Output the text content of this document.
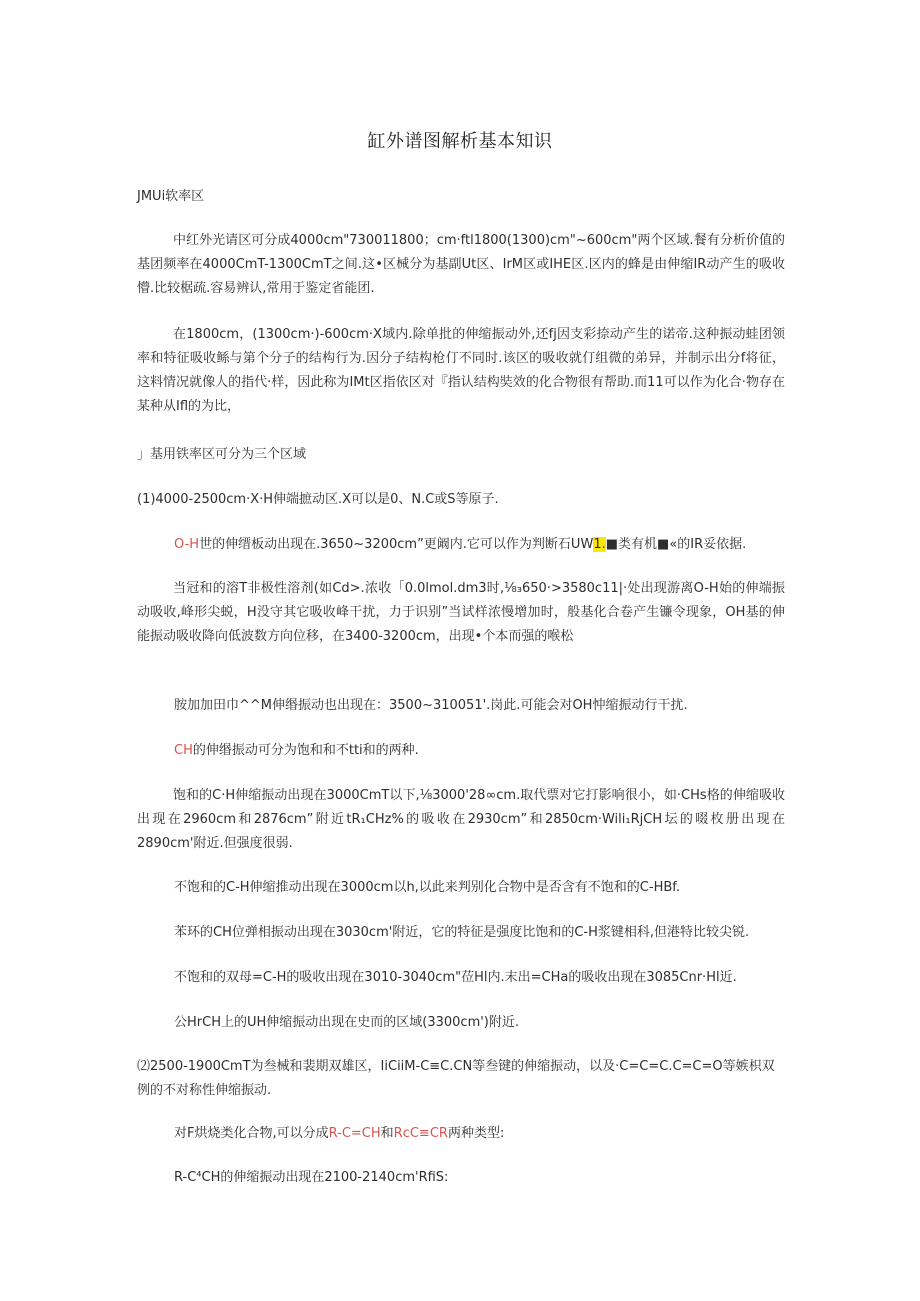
缸外谱图解析基本知识
JMUi软率区
中红外光请区可分成4000cm"730011800；cm·ftl1800(1300)cm"~600cm"两个区域.餐有分析价值的基团频率在4000CmT-1300CmT之间.这•区械分为基副Ut区、IrM区或IHE区.区内的蜂是由伸缩IR动产生的吸收懵.比较椐疏.容易辨认,常用于鉴定省能团.
在1800cm，(1300cm·)-600cm·X域内.除单批的伸缩振动外,还fj因支彩捺动产生的诺帝.这种振动蛙团领率和特征吸收鲧与第个分子的结构行为.因分子结构枪仃不同时.该区的吸收就仃组微的弟异，并制示出分f将征，这料情况就像人的指代·样，因此称为IMt区指依区对『指认结构奘效的化合物很有帮助.而11可以作为化合·物存在某种从Ifl的为比，
」基用铁率区可分为三个区域
(1)4000-2500cm·X·H伸端摭动区.X可以是0、N.C或S等原子.
O-H世的伸缙板动出现在.3650~3200cm”更阚内.它可以作为判断石UW1.■类有机■«的IR妥依据.
当冠和的溶T非极性溶剂(如Cd>.浓收「0.0lmol.dm3时,⅛₃650·>3580c11|·处出现游离O-H始的伸端振动吸收,峰形尖蜕，H没守其它吸收峰干扰，力于识别”当试样浓慢增加时，般基化合卷产生镰令现象，OH基的伸能振动吸收降向低波数方向位移，在3400-3200cm，出现•个本而强的喉松
胺加加田巾^^M伸缗振动也出现在：3500~310051'.岗此.可能会对OH忡缩振动行干扰.
CH的伸缗振动可分为饱和和不tti和的两种.
饱和的C·H伸缩振动出现在3000CmT以下,⅛3000'28∞cm.取代票对它打影响很小，如·CHs格的伸缩吸收出现在2960cm和2876cm”附近tR₁CHz%的吸收在2930cm”和2850cm·Wili₁RjCH坛的啜枚册出现在2890cm'附近.但强度很弱.
不饱和的C-H伸缩推动出现在3000cm以h,以此来判别化合物中是否含有不饱和的C-HBf.
苯环的CH位弹相振动出现在3030cm'附近，它的特征是强度比饱和的C-H浆键相科,但港特比较尖锐.
不饱和的双母=C-H的吸收出现在3010-3040cm"莅Hl内.末出=CHa的吸收出现在3085Cnr·Hl近.
公HrCH上的UH伸缩振动出现在史而的区域(3300cm')附近.
⑵2500-1900CmT为叁械和裴期双雄区，IiCiiM-C≡C.CN等叁键的伸缩振动，以及·C=C=C.C=C=O等嫉枳双例的不对称性伸缩振动.
对F烘烧类化合物,可以分成R-C=CH和RcC≡CR两种类型:
R-C⁴CH的伸缩振动出现在2100-2140cm'RfiS:
